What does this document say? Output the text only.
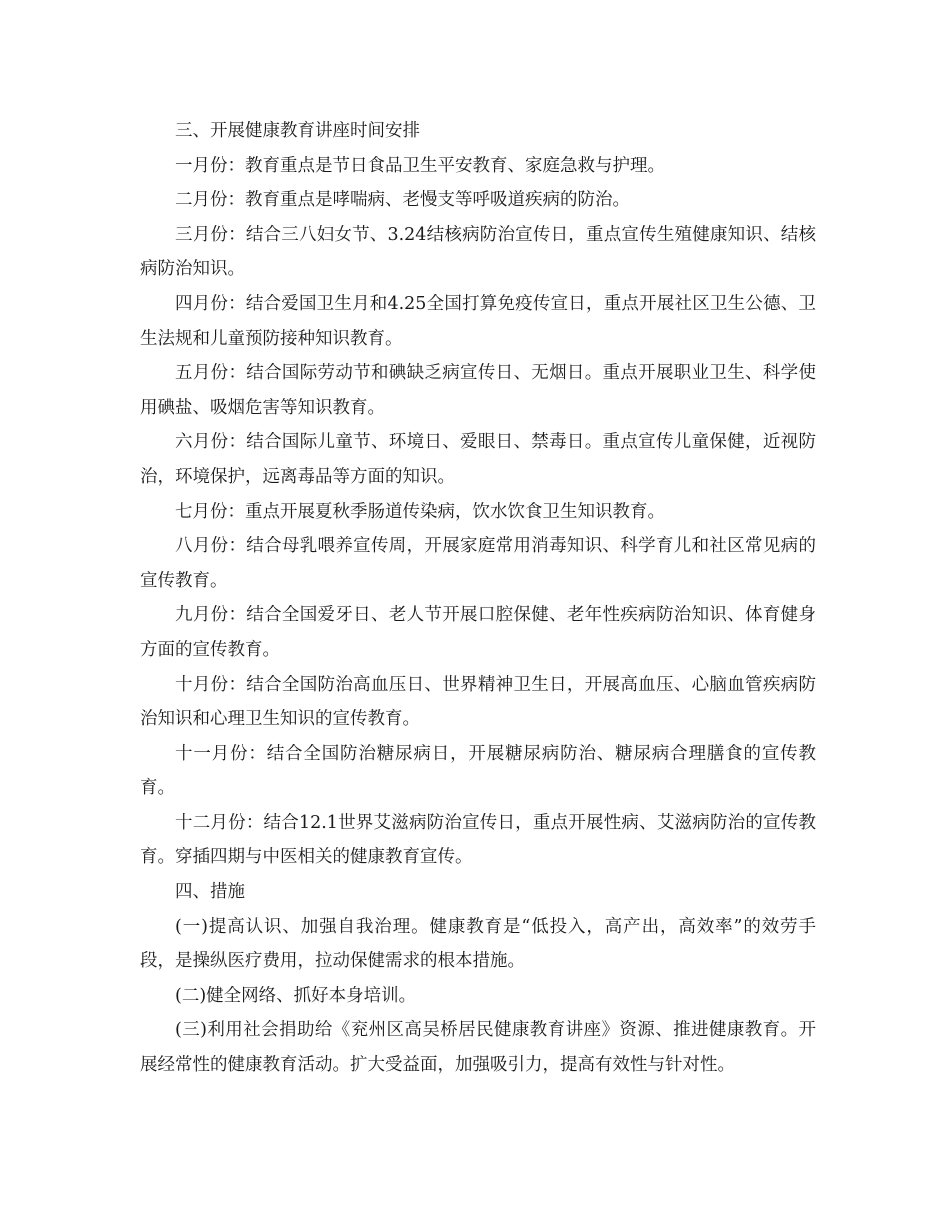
三、开展健康教育讲座时间安排

一月份：教育重点是节日食品卫生平安教育、家庭急救与护理。

二月份：教育重点是哮喘病、老慢支等呼吸道疾病的防治。

三月份：结合三八妇女节、3.24结核病防治宣传日，重点宣传生殖健康知识、结核病防治知识。

四月份：结合爱国卫生月和4.25全国打算免疫传宣日，重点开展社区卫生公德、卫生法规和儿童预防接种知识教育。

五月份：结合国际劳动节和碘缺乏病宣传日、无烟日。重点开展职业卫生、科学使用碘盐、吸烟危害等知识教育。

六月份：结合国际儿童节、环境日、爱眼日、禁毒日。重点宣传儿童保健，近视防治，环境保护，远离毒品等方面的知识。

七月份：重点开展夏秋季肠道传染病，饮水饮食卫生知识教育。

八月份：结合母乳喂养宣传周，开展家庭常用消毒知识、科学育儿和社区常见病的宣传教育。

九月份：结合全国爱牙日、老人节开展口腔保健、老年性疾病防治知识、体育健身方面的宣传教育。

十月份：结合全国防治高血压日、世界精神卫生日，开展高血压、心脑血管疾病防治知识和心理卫生知识的宣传教育。

十一月份：结合全国防治糖尿病日，开展糖尿病防治、糖尿病合理膳食的宣传教育。

十二月份：结合12.1世界艾滋病防治宣传日，重点开展性病、艾滋病防治的宣传教育。穿插四期与中医相关的健康教育宣传。

四、措施

(一)提高认识、加强自我治理。健康教育是“低投入，高产出，高效率”的效劳手段，是操纵医疗费用，拉动保健需求的根本措施。

(二)健全网络、抓好本身培训。

(三)利用社会捐助给《兖州区高吴桥居民健康教育讲座》资源、推进健康教育。开展经常性的健康教育活动。扩大受益面，加强吸引力，提高有效性与针对性。
